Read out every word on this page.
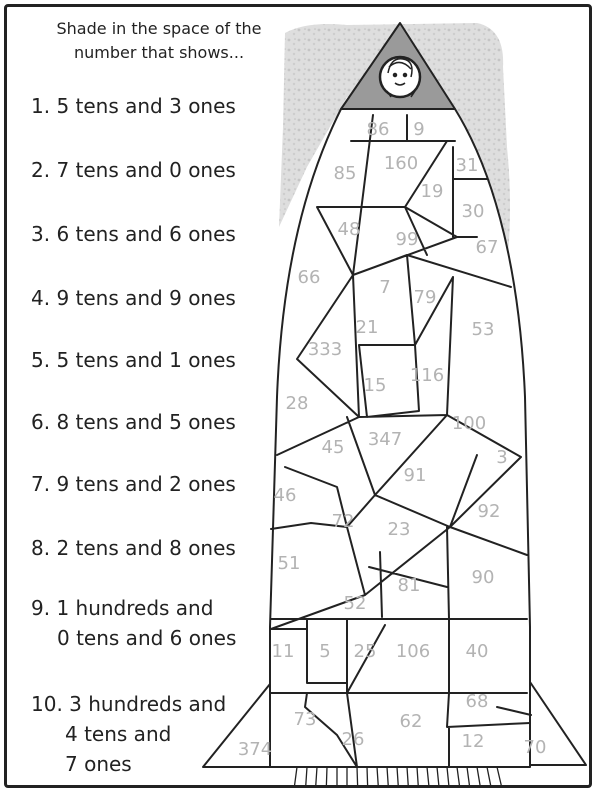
86 9
85 160 31
19
30
48 99	67
66	7 79
53
21
333
15 116
28
45 347
100
3
91
46
72	92
23
51
81	90
52
11 5 25 106 40
68
73	62
26	12
374	70
Shade in the space of the number that shows...
1. 5 tens and 3 ones
2. 7 tens and 0 ones
3. 6 tens and 6 ones
4. 9 tens and 9 ones
5. 5 tens and 1 ones
6. 8 tens and 5 ones
7. 9 tens and 2 ones
8. 2 tens and 8 ones
9. 1 hundreds and
0 tens and 6 ones
10. 3 hundreds and
4 tens and
7 ones
